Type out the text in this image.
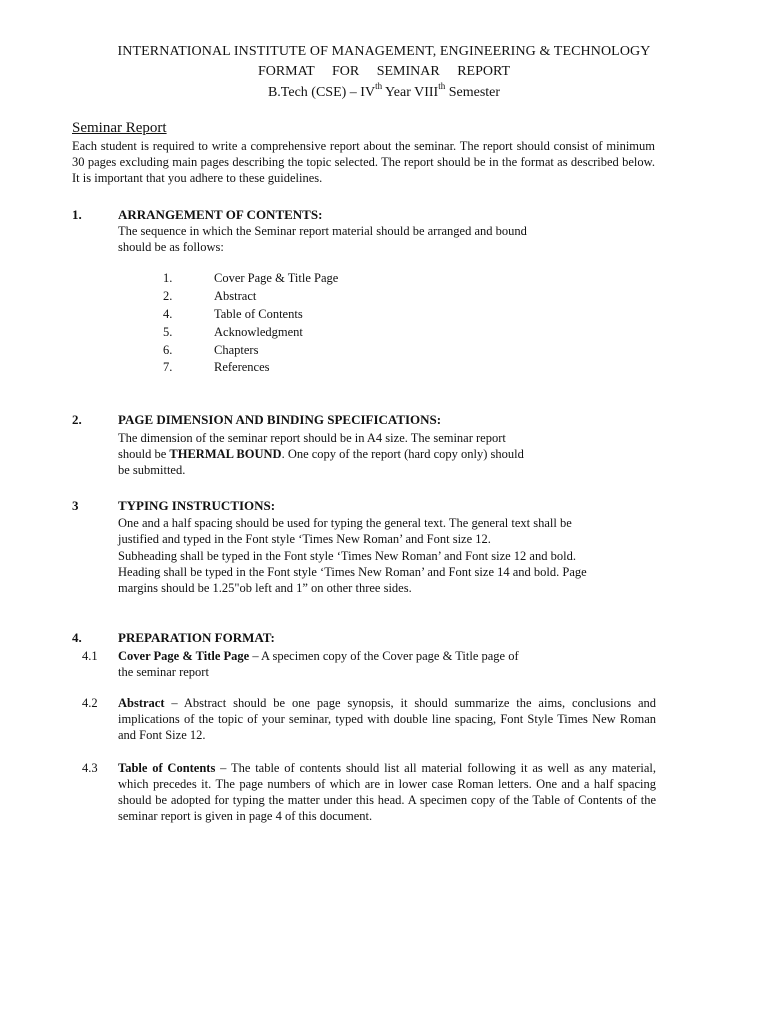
INTERNATIONAL INSTITUTE OF MANAGEMENT, ENGINEERING & TECHNOLOGY
FORMAT FOR SEMINAR REPORT
B.Tech (CSE) – IVth Year VIIIth Semester
Seminar Report

Each student is required to write a comprehensive report about the seminar. The report should consist of minimum 30 pages excluding main pages describing the topic selected. The report should be in the format as described below. It is important that you adhere to these guidelines.

1.	ARRANGEMENT OF CONTENTS:
The sequence in which the Seminar report material should be arranged and bound
should be as follows:
1.	Cover Page & Title Page
2.	Abstract
4.	Table of Contents
5.	Acknowledgment
6.	Chapters
7.	References
2.	PAGE DIMENSION AND BINDING SPECIFICATIONS:
The dimension of the seminar report should be in A4 size. The seminar report
should be THERMAL BOUND. One copy of the report (hard copy only) should
be submitted.
3	TYPING INSTRUCTIONS:
One and a half spacing should be used for typing the general text. The general text shall be
justified and typed in the Font style ‘Times New Roman’ and Font size 12.
Subheading shall be typed in the Font style ‘Times New Roman’ and Font size 12 and bold.
Heading shall be typed in the Font style ‘Times New Roman’ and Font size 14 and bold. Page
margins should be 1.25"ob left and 1” on other three sides.
4.	PREPARATION FORMAT:
4.1 Cover Page & Title Page – A specimen copy of the Cover page & Title page of
the seminar report
4.2 Abstract – Abstract should be one page synopsis, it should summarize the aims, conclusions and implications of the topic of your seminar, typed with double line spacing, Font Style Times New Roman and Font Size 12.

4.3 Table of Contents – The table of contents should list all material following it as well as any material, which precedes it. The page numbers of which are in lower case Roman letters. One and a half spacing should be adopted for typing the matter under this head. A specimen copy of the Table of Contents of the seminar report is given in page 4 of this document.
